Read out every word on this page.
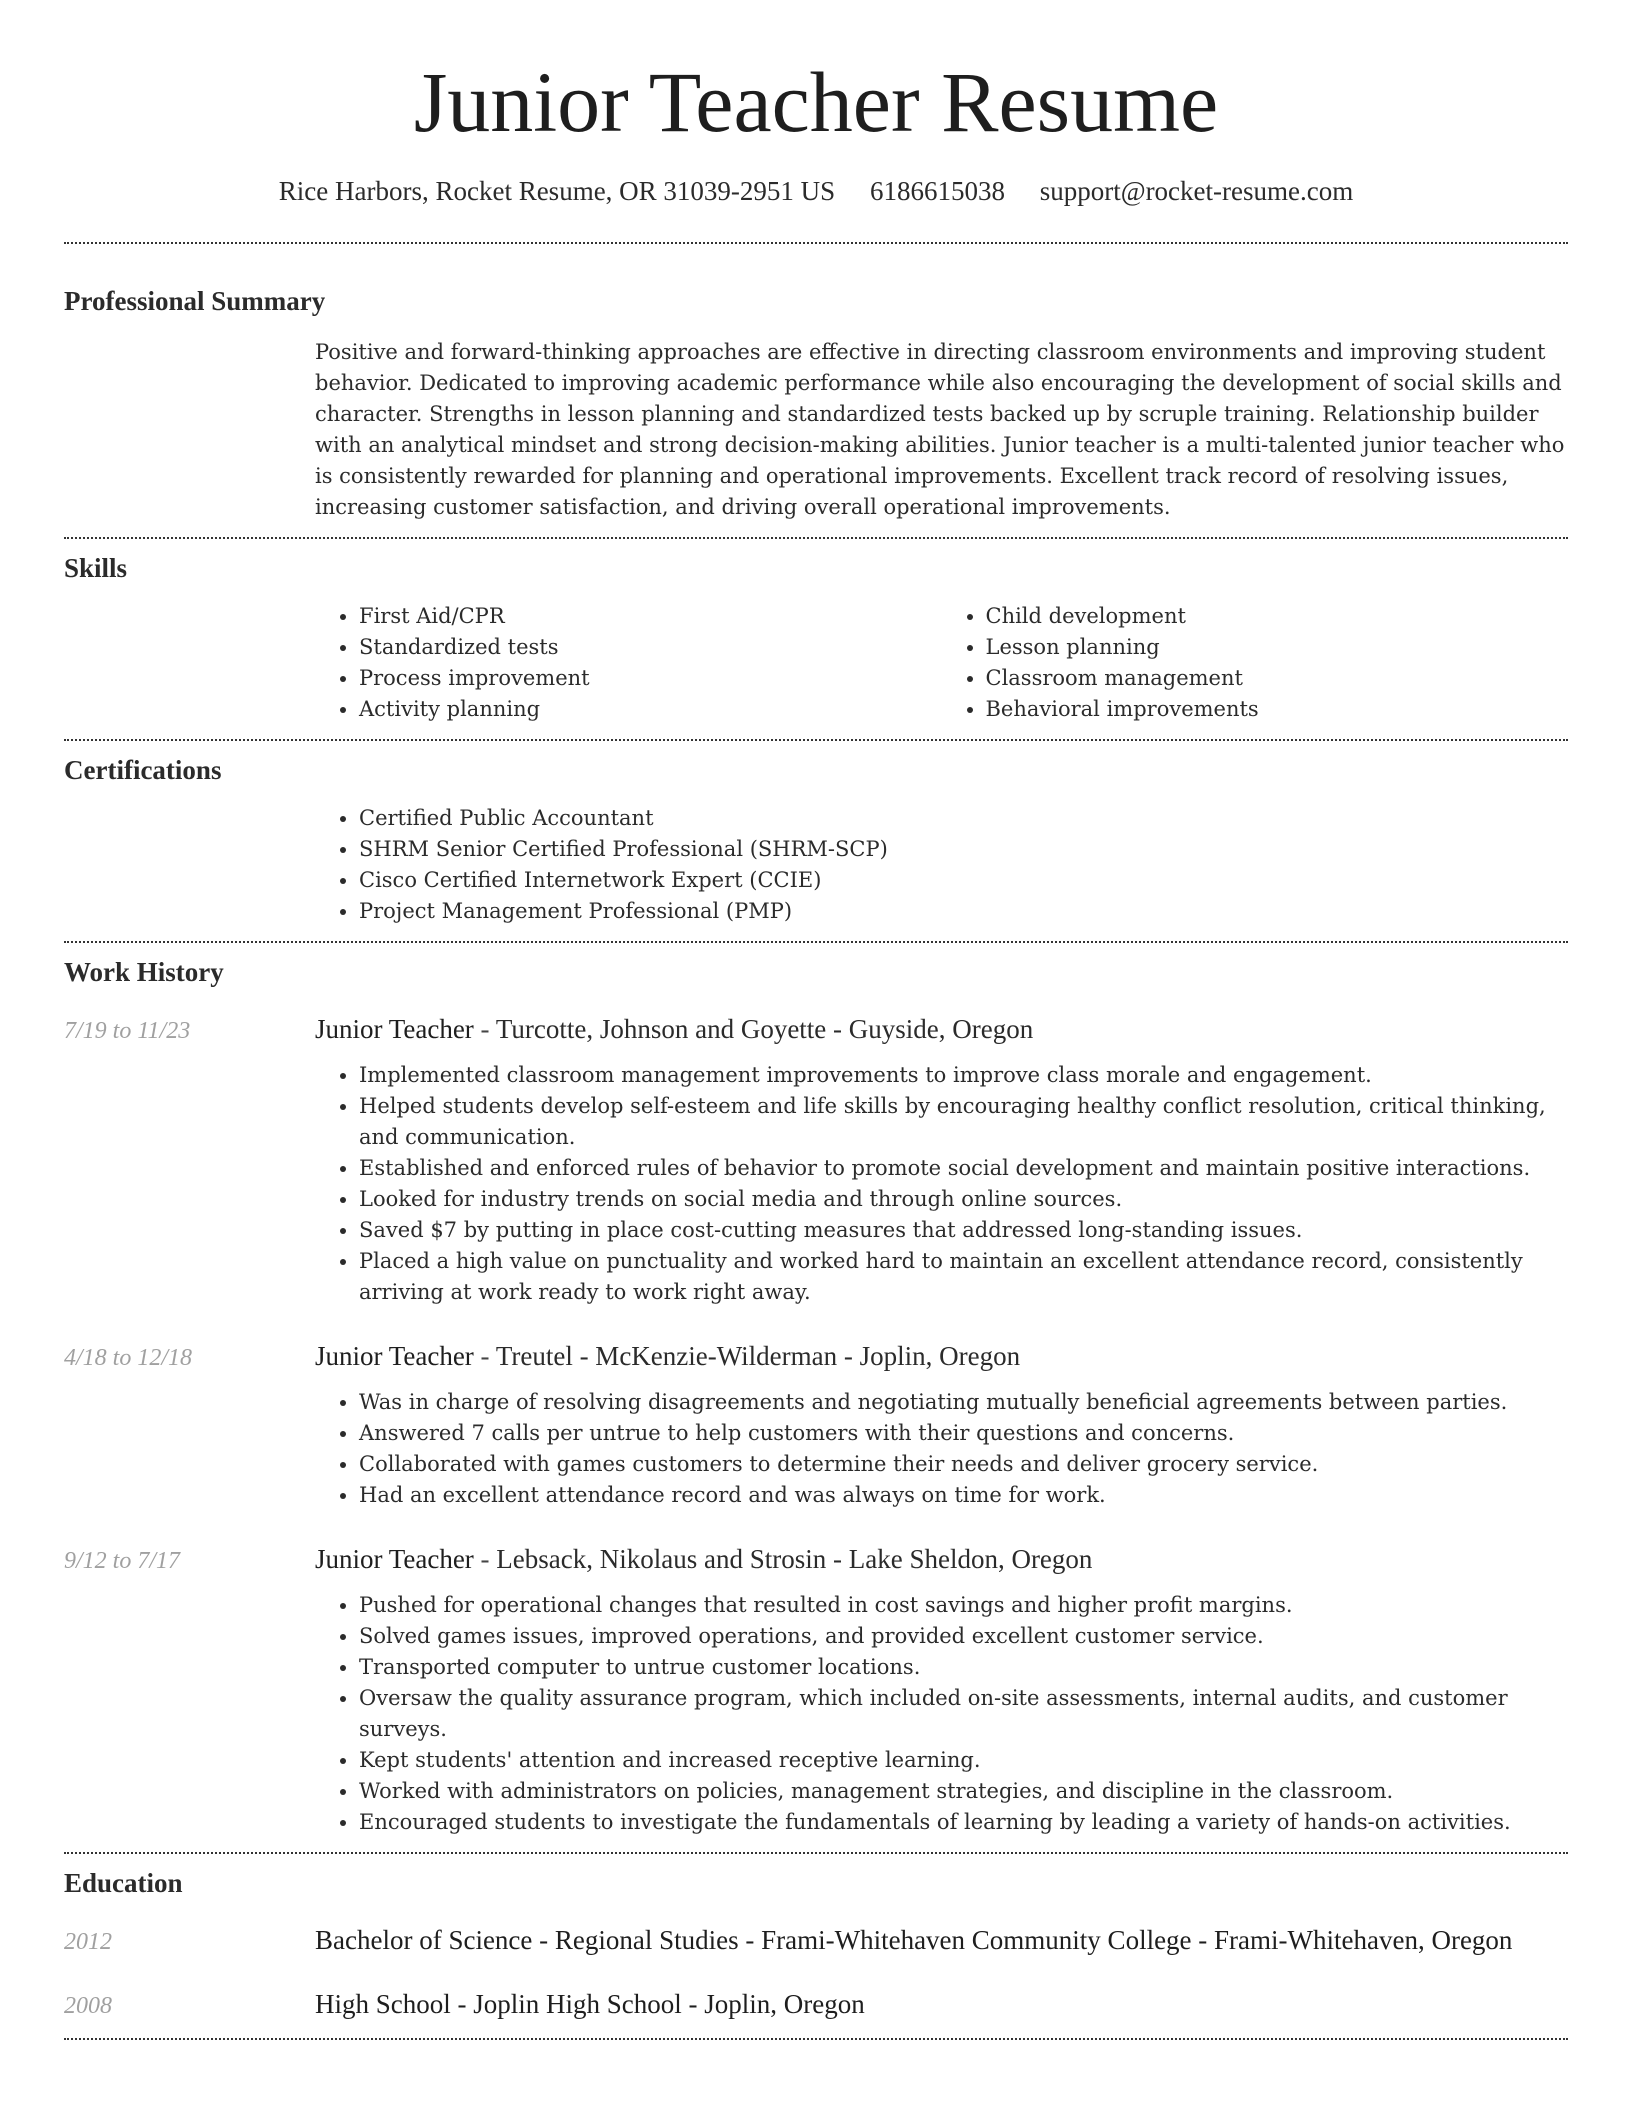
Junior Teacher Resume
Rice Harbors, Rocket Resume, OR 31039-2951 US 6186615038 support@rocket-resume.com
Professional Summary
Positive and forward-thinking approaches are effective in directing classroom environments and improving student behavior. Dedicated to improving academic performance while also encouraging the development of social skills and character. Strengths in lesson planning and standardized tests backed up by scruple training. Relationship builder with an analytical mindset and strong decision-making abilities. Junior teacher is a multi-talented junior teacher who is consistently rewarded for planning and operational improvements. Excellent track record of resolving issues, increasing customer satisfaction, and driving overall operational improvements.
Skills
• First Aid/CPR
• Standardized tests
• Process improvement
• Activity planning
• Child development
• Lesson planning
• Classroom management
• Behavioral improvements
Certifications
• Certified Public Accountant
• SHRM Senior Certified Professional (SHRM-SCP)
• Cisco Certified Internetwork Expert (CCIE)
• Project Management Professional (PMP)
Work History
7/19 to 11/23	Junior Teacher - Turcotte, Johnson and Goyette - Guyside, Oregon
• Implemented classroom management improvements to improve class morale and engagement.
• Helped students develop self-esteem and life skills by encouraging healthy conflict resolution, critical thinking, and communication.
• Established and enforced rules of behavior to promote social development and maintain positive interactions.
• Looked for industry trends on social media and through online sources.
• Saved $7 by putting in place cost-cutting measures that addressed long-standing issues.
• Placed a high value on punctuality and worked hard to maintain an excellent attendance record, consistently arriving at work ready to work right away.
4/18 to 12/18	Junior Teacher - Treutel - McKenzie-Wilderman - Joplin, Oregon
• Was in charge of resolving disagreements and negotiating mutually beneficial agreements between parties.
• Answered 7 calls per untrue to help customers with their questions and concerns.
• Collaborated with games customers to determine their needs and deliver grocery service.
• Had an excellent attendance record and was always on time for work.
9/12 to 7/17	Junior Teacher - Lebsack, Nikolaus and Strosin - Lake Sheldon, Oregon
• Pushed for operational changes that resulted in cost savings and higher profit margins.
• Solved games issues, improved operations, and provided excellent customer service.
• Transported computer to untrue customer locations.
• Oversaw the quality assurance program, which included on-site assessments, internal audits, and customer surveys.
• Kept students' attention and increased receptive learning.
• Worked with administrators on policies, management strategies, and discipline in the classroom.
• Encouraged students to investigate the fundamentals of learning by leading a variety of hands-on activities.
Education
2012	Bachelor of Science - Regional Studies - Frami-Whitehaven Community College - Frami-Whitehaven, Oregon
2008	High School - Joplin High School - Joplin, Oregon
